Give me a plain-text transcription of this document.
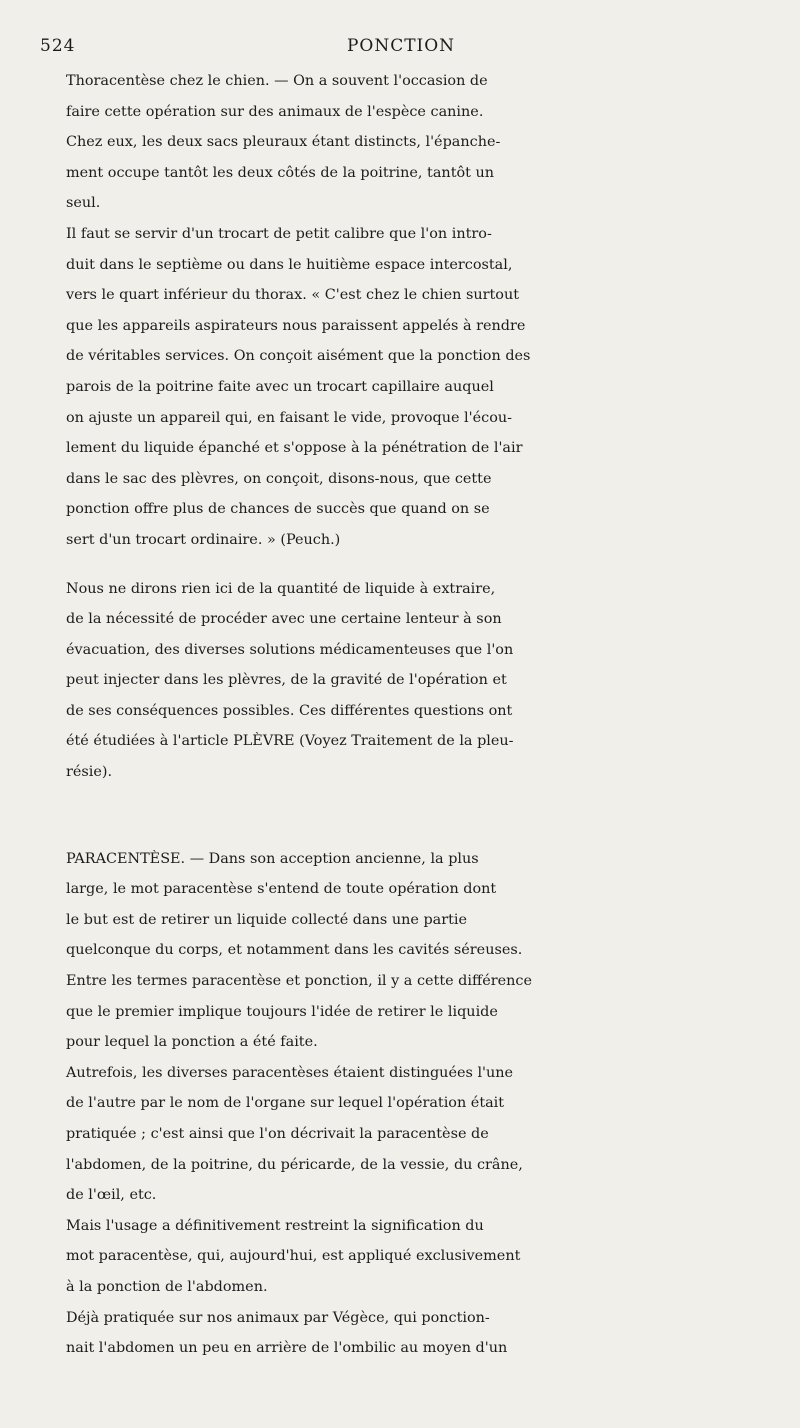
524	PONCTION

Thoracentèse chez le chien. — On a souvent l'occasion de
faire cette opération sur des animaux de l'espèce canine.
Chez eux, les deux sacs pleuraux étant distincts, l'épanche-
ment occupe tantôt les deux côtés de la poitrine, tantôt un
seul.

Il faut se servir d'un trocart de petit calibre que l'on intro-
duit dans le septième ou dans le huitième espace intercostal,
vers le quart inférieur du thorax. « C'est chez le chien surtout
que les appareils aspirateurs nous paraissent appelés à rendre
de véritables services. On conçoit aisément que la ponction des
parois de la poitrine faite avec un trocart capillaire auquel
on ajuste un appareil qui, en faisant le vide, provoque l'écou-
lement du liquide épanché et s'oppose à la pénétration de l'air
dans le sac des plèvres, on conçoit, disons-nous, que cette
ponction offre plus de chances de succès que quand on se
sert d'un trocart ordinaire. » (Peuch.)

Nous ne dirons rien ici de la quantité de liquide à extraire,
de la nécessité de procéder avec une certaine lenteur à son
évacuation, des diverses solutions médicamenteuses que l'on
peut injecter dans les plèvres, de la gravité de l'opération et
de ses conséquences possibles. Ces différentes questions ont
été étudiées à l'article PLÈVRE (Voyez Traitement de la pleu-
résie).

PARACENTÈSE. — Dans son acception ancienne, la plus
large, le mot paracentèse s'entend de toute opération dont
le but est de retirer un liquide collecté dans une partie
quelconque du corps, et notamment dans les cavités séreuses.
Entre les termes paracentèse et ponction, il y a cette différence
que le premier implique toujours l'idée de retirer le liquide
pour lequel la ponction a été faite.

Autrefois, les diverses paracentèses étaient distinguées l'une
de l'autre par le nom de l'organe sur lequel l'opération était
pratiquée ; c'est ainsi que l'on décrivait la paracentèse de
l'abdomen, de la poitrine, du péricarde, de la vessie, du crâne,
de l'œil, etc.

Mais l'usage a définitivement restreint la signification du
mot paracentèse, qui, aujourd'hui, est appliqué exclusivement
à la ponction de l'abdomen.

Déjà pratiquée sur nos animaux par Végèce, qui ponction-
nait l'abdomen un peu en arrière de l'ombilic au moyen d'un
